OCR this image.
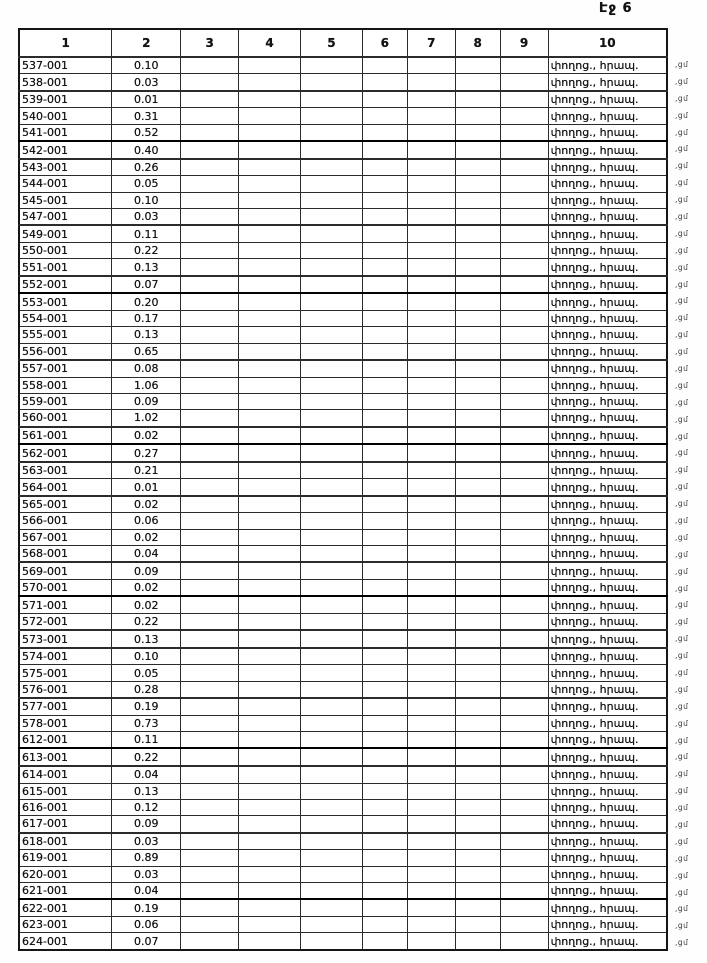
Էջ 6
1	2	3	4	5	6	7	8	9	10
537-001	0.10								փողոց., հրապ.
538-001	0.03								փողոց., հրապ.
539-001	0.01								փողոց., հրապ.
540-001	0.31								փողոց., հրապ.
541-001	0.52								փողոց., հրապ.
542-001	0.40								փողոց., հրապ.
543-001	0.26								փողոց., հրապ.
544-001	0.05								փողոց., հրապ.
545-001	0.10								փողոց., հրապ.
547-001	0.03								փողոց., հրապ.
549-001	0.11								փողոց., հրապ.
550-001	0.22								փողոց., հրապ.
551-001	0.13								փողոց., հրապ.
552-001	0.07								փողոց., հրապ.
553-001	0.20								փողոց., հրապ.
554-001	0.17								փողոց., հրապ.
555-001	0.13								փողոց., հրապ.
556-001	0.65								փողոց., հրապ.
557-001	0.08								փողոց., հրապ.
558-001	1.06								փողոց., հրապ.
559-001	0.09								փողոց., հրապ.
560-001	1.02								փողոց., հրապ.
561-001	0.02								փողոց., հրապ.
562-001	0.27								փողոց., հրապ.
563-001	0.21								փողոց., հրապ.
564-001	0.01								փողոց., հրապ.
565-001	0.02								փողոց., հրապ.
566-001	0.06								փողոց., հրապ.
567-001	0.02								փողոց., հրապ.
568-001	0.04								փողոց., հրապ.
569-001	0.09								փողոց., հրապ.
570-001	0.02								փողոց., հրապ.
571-001	0.02								փողոց., հրապ.
572-001	0.22								փողոց., հրապ.
573-001	0.13								փողոց., հրապ.
574-001	0.10								փողոց., հրապ.
575-001	0.05								փողոց., հրապ.
576-001	0.28								փողոց., հրապ.
577-001	0.19								փողոց., հրապ.
578-001	0.73								փողոց., հրապ.
612-001	0.11								փողոց., հրապ.
613-001	0.22								փողոց., հրապ.
614-001	0.04								փողոց., հրապ.
615-001	0.13								փողոց., հրապ.
616-001	0.12								փողոց., հրապ.
617-001	0.09								փողոց., հրապ.
618-001	0.03								փողոց., հրապ.
619-001	0.89								փողոց., հրապ.
620-001	0.03								փողոց., հրապ.
621-001	0.04								փողոց., հրապ.
622-001	0.19								փողոց., հրապ.
623-001	0.06								փողոց., հրապ.
624-001	0.07								փողոց., հրապ.
,ցմ
,ցմ
,ցմ
,ցմ
,ցմ
,ցմ
,ցմ
,ցմ
,ցմ
,ցմ
,ցմ
,ցմ
,ցմ
,ցմ
,ցմ
,ցմ
,ցմ
,ցմ
,ցմ
,ցմ
,ցմ
,ցմ
,ցմ
,ցմ
,ցմ
,ցմ
,ցմ
,ցմ
,ցմ
,ցմ
,ցմ
,ցմ
,ցմ
,ցմ
,ցմ
,ցմ
,ցմ
,ցմ
,ցմ
,ցմ
,ցմ
,ցմ
,ցմ
,ցմ
,ցմ
,ցմ
,ցմ
,ցմ
,ցմ
,ցմ
,ցմ
,ցմ
,ցմ
